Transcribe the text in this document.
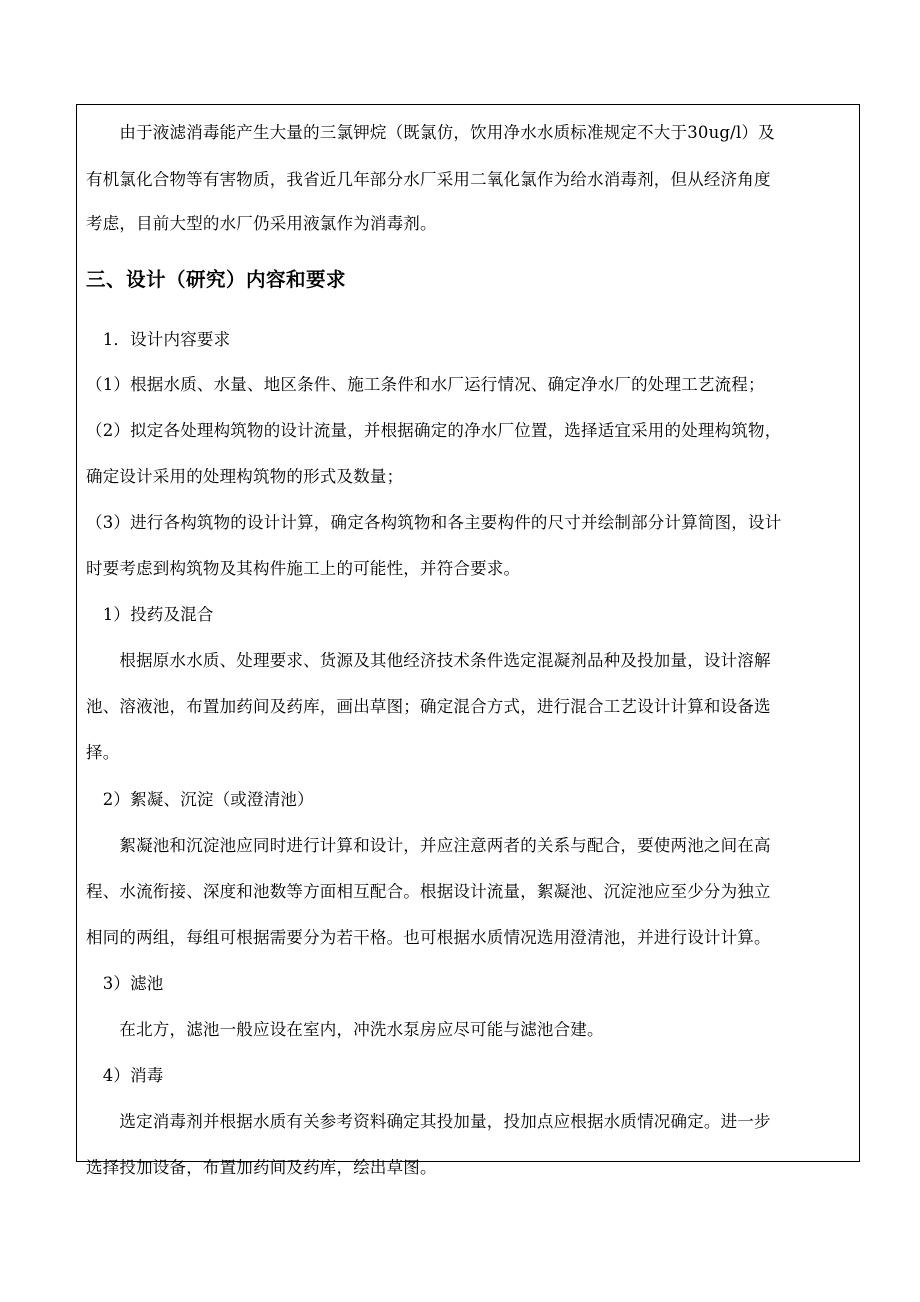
　　由于液滤消毒能产生大量的三氯钾烷（既氯仿，饮用净水水质标准规定不大于30ug/l）及
有机氯化合物等有害物质，我省近几年部分水厂采用二氧化氯作为给水消毒剂，但从经济角度
考虑，目前大型的水厂仍采用液氯作为消毒剂。
三、设计（研究）内容和要求
　1．设计内容要求
（1）根据水质、水量、地区条件、施工条件和水厂运行情况、确定净水厂的处理工艺流程；
（2）拟定各处理构筑物的设计流量，并根据确定的净水厂位置，选择适宜采用的处理构筑物，
确定设计采用的处理构筑物的形式及数量；
（3）进行各构筑物的设计计算，确定各构筑物和各主要构件的尺寸并绘制部分计算简图，设计
时要考虑到构筑物及其构件施工上的可能性，并符合要求。
　1）投药及混合
　　根据原水水质、处理要求、货源及其他经济技术条件选定混凝剂品种及投加量，设计溶解
池、溶液池，布置加药间及药库，画出草图；确定混合方式，进行混合工艺设计计算和设备选
择。
　2）絮凝、沉淀（或澄清池）
　　絮凝池和沉淀池应同时进行计算和设计，并应注意两者的关系与配合，要使两池之间在高
程、水流衔接、深度和池数等方面相互配合。根据设计流量，絮凝池、沉淀池应至少分为独立
相同的两组，每组可根据需要分为若干格。也可根据水质情况选用澄清池，并进行设计计算。
　3）滤池
　　在北方，滤池一般应设在室内，冲洗水泵房应尽可能与滤池合建。
　4）消毒
　　选定消毒剂并根据水质有关参考资料确定其投加量，投加点应根据水质情况确定。进一步
选择投加设备，布置加药间及药库，绘出草图。
